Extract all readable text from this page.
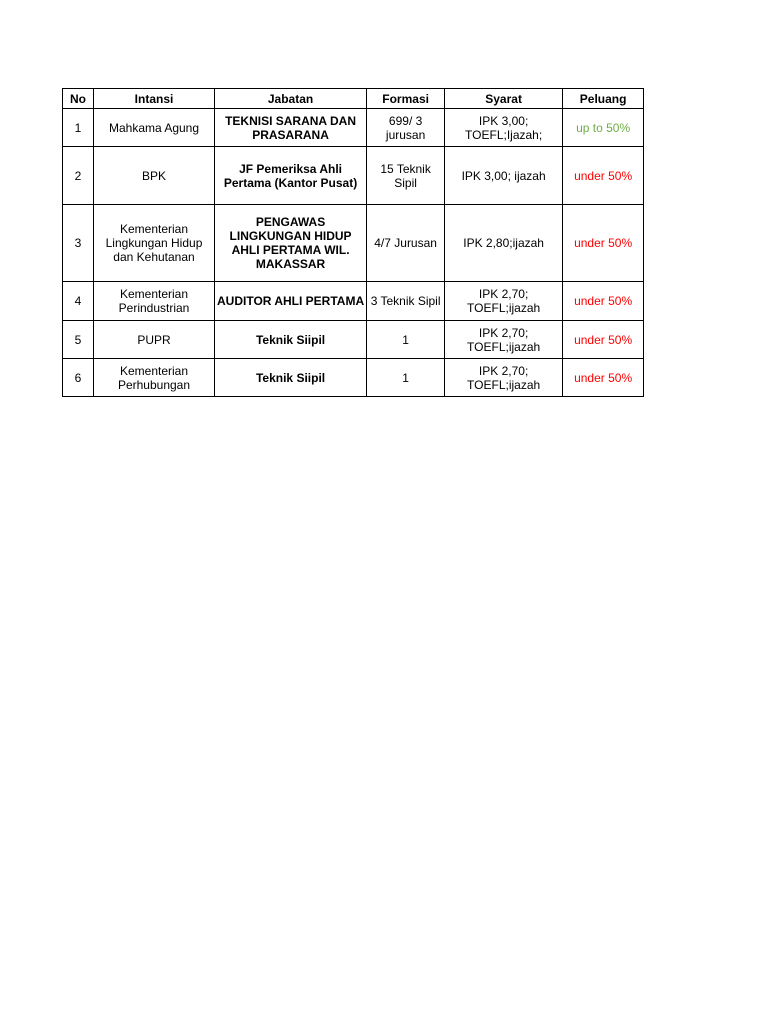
No	Intansi	Jabatan	Formasi	Syarat	Peluang
1	Mahkama Agung	TEKNISI SARANA DAN PRASARANA	699/ 3 jurusan	IPK 3,00; TOEFL;Ijazah;	up to 50%
2	BPK	JF Pemeriksa Ahli Pertama (Kantor Pusat)	15 Teknik Sipil	IPK 3,00; ijazah	under 50%
3	Kementerian Lingkungan Hidup dan Kehutanan	PENGAWAS LINGKUNGAN HIDUP AHLI PERTAMA WIL. MAKASSAR	4/7 Jurusan	IPK 2,80;ijazah	under 50%
4	Kementerian Perindustrian	AUDITOR AHLI PERTAMA	3 Teknik Sipil	IPK 2,70; TOEFL;ijazah	under 50%
5	PUPR	Teknik Siipil	1	IPK 2,70; TOEFL;ijazah	under 50%
6	Kementerian Perhubungan	Teknik Siipil	1	IPK 2,70; TOEFL;ijazah	under 50%
